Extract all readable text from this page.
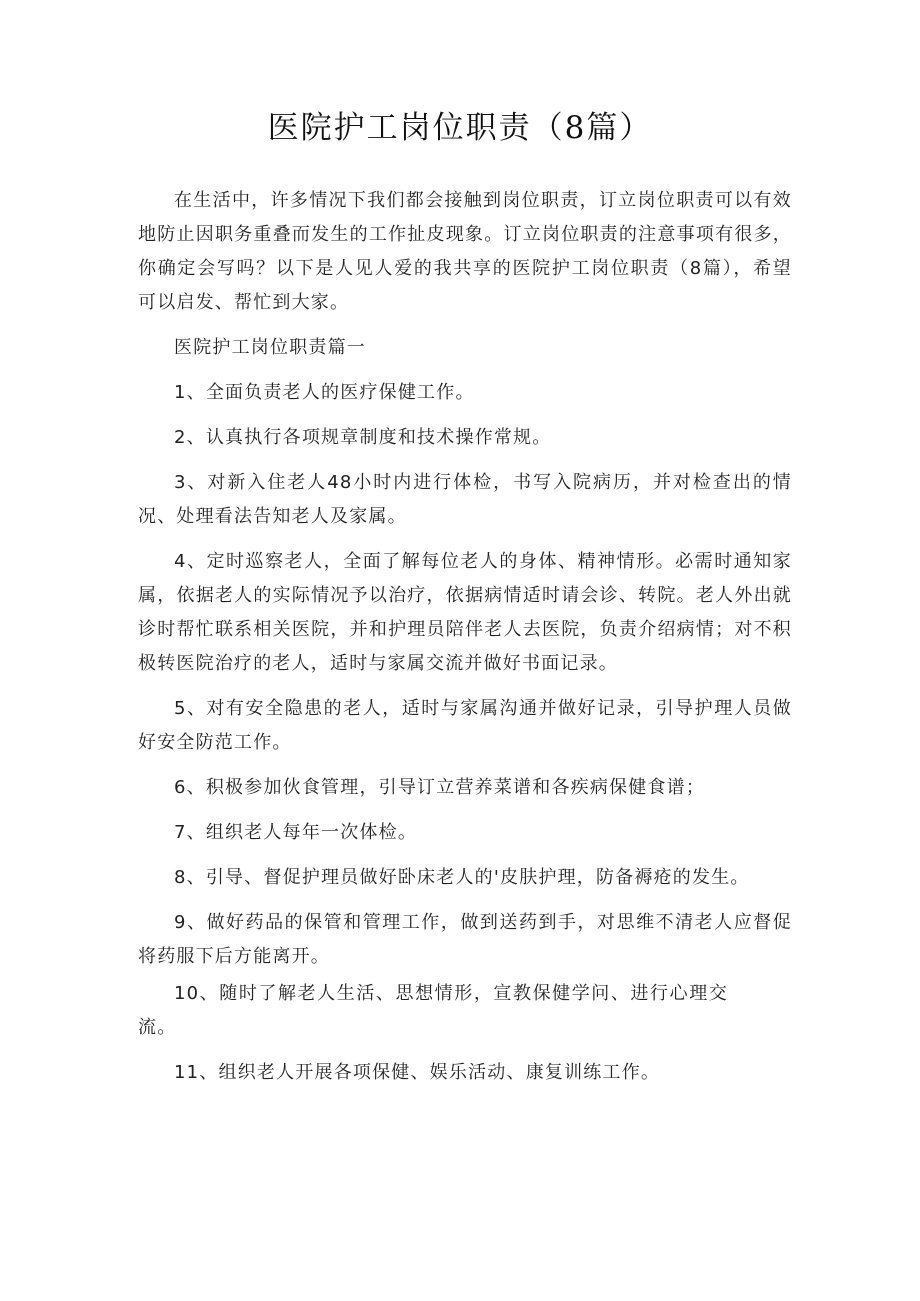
医院护工岗位职责（8篇）

在生活中，许多情况下我们都会接触到岗位职责，订立岗位职责可以有效地防止因职务重叠而发生的工作扯皮现象。订立岗位职责的注意事项有很多，你确定会写吗？以下是人见人爱的我共享的医院护工岗位职责（8篇），希望可以启发、帮忙到大家。

医院护工岗位职责篇一

1、全面负责老人的医疗保健工作。

2、认真执行各项规章制度和技术操作常规。

3、对新入住老人48小时内进行体检，书写入院病历，并对检查出的情况、处理看法告知老人及家属。

4、定时巡察老人，全面了解每位老人的身体、精神情形。必需时通知家属，依据老人的实际情况予以治疗，依据病情适时请会诊、转院。老人外出就诊时帮忙联系相关医院，并和护理员陪伴老人去医院，负责介绍病情；对不积极转医院治疗的老人，适时与家属交流并做好书面记录。

5、对有安全隐患的老人，适时与家属沟通并做好记录，引导护理人员做好安全防范工作。

6、积极参加伙食管理，引导订立营养菜谱和各疾病保健食谱；

7、组织老人每年一次体检。

8、引导、督促护理员做好卧床老人的'皮肤护理，防备褥疮的发生。

9、做好药品的保管和管理工作，做到送药到手，对思维不清老人应督促将药服下后方能离开。

10、随时了解老人生活、思想情形，宣教保健学问、进行心理交流。

11、组织老人开展各项保健、娱乐活动、康复训练工作。
